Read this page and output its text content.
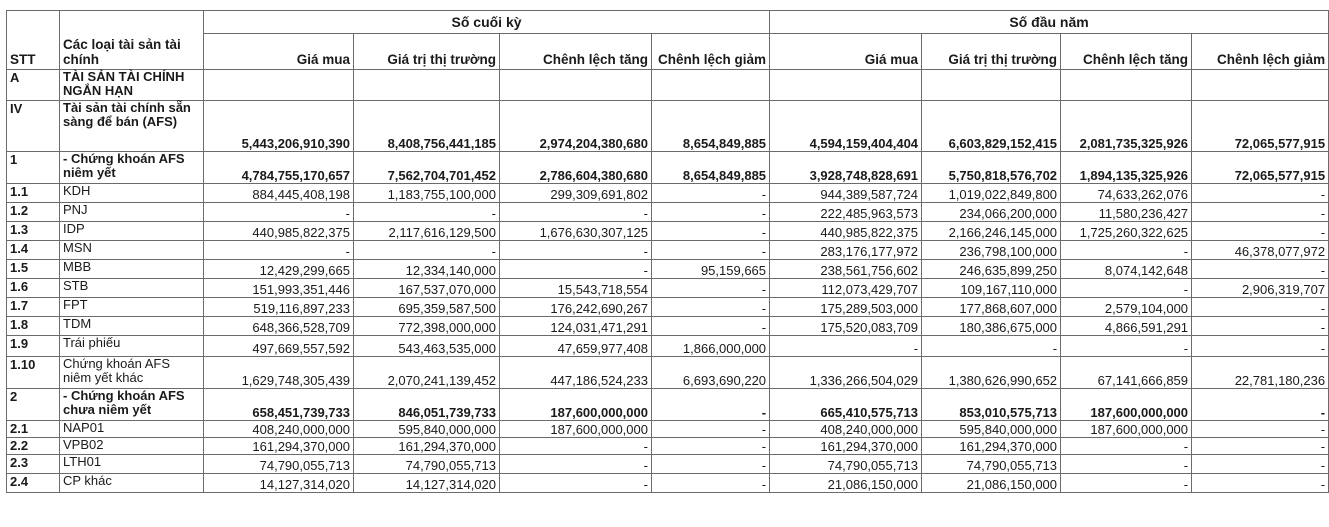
STT	Các loại tài sản tài chính	Số cuối kỳ				Số đầu năm			
		Giá mua	Giá trị thị trường	Chênh lệch tăng	Chênh lệch giảm	Giá mua	Giá trị thị trường	Chênh lệch tăng	Chênh lệch giảm
A	TÀI SẢN TÀI CHÍNH NGẮN HẠN								
IV	Tài sản tài chính sẵn sàng để bán (AFS)	5,443,206,910,390	8,408,756,441,185	2,974,204,380,680	8,654,849,885	4,594,159,404,404	6,603,829,152,415	2,081,735,325,926	72,065,577,915
1	- Chứng khoán AFS niêm yết	4,784,755,170,657	7,562,704,701,452	2,786,604,380,680	8,654,849,885	3,928,748,828,691	5,750,818,576,702	1,894,135,325,926	72,065,577,915
1.1	KDH	884,445,408,198	1,183,755,100,000	299,309,691,802	-	944,389,587,724	1,019,022,849,800	74,633,262,076	-
1.2	PNJ	-	-	-	-	222,485,963,573	234,066,200,000	11,580,236,427	-
1.3	IDP	440,985,822,375	2,117,616,129,500	1,676,630,307,125	-	440,985,822,375	2,166,246,145,000	1,725,260,322,625	-
1.4	MSN	-	-	-	-	283,176,177,972	236,798,100,000	-	46,378,077,972
1.5	MBB	12,429,299,665	12,334,140,000	-	95,159,665	238,561,756,602	246,635,899,250	8,074,142,648	-
1.6	STB	151,993,351,446	167,537,070,000	15,543,718,554	-	112,073,429,707	109,167,110,000	-	2,906,319,707
1.7	FPT	519,116,897,233	695,359,587,500	176,242,690,267	-	175,289,503,000	177,868,607,000	2,579,104,000	-
1.8	TDM	648,366,528,709	772,398,000,000	124,031,471,291	-	175,520,083,709	180,386,675,000	4,866,591,291	-
1.9	Trái phiếu	497,669,557,592	543,463,535,000	47,659,977,408	1,866,000,000	-	-	-	-
1.10	Chứng khoán AFS niêm yết khác	1,629,748,305,439	2,070,241,139,452	447,186,524,233	6,693,690,220	1,336,266,504,029	1,380,626,990,652	67,141,666,859	22,781,180,236
2	- Chứng khoán AFS chưa niêm yết	658,451,739,733	846,051,739,733	187,600,000,000	-	665,410,575,713	853,010,575,713	187,600,000,000	-
2.1	NAP01	408,240,000,000	595,840,000,000	187,600,000,000	-	408,240,000,000	595,840,000,000	187,600,000,000	-
2.2	VPB02	161,294,370,000	161,294,370,000	-	-	161,294,370,000	161,294,370,000	-	-
2.3	LTH01	74,790,055,713	74,790,055,713	-	-	74,790,055,713	74,790,055,713	-	-
2.4	CP khác	14,127,314,020	14,127,314,020	-	-	21,086,150,000	21,086,150,000	-	-
